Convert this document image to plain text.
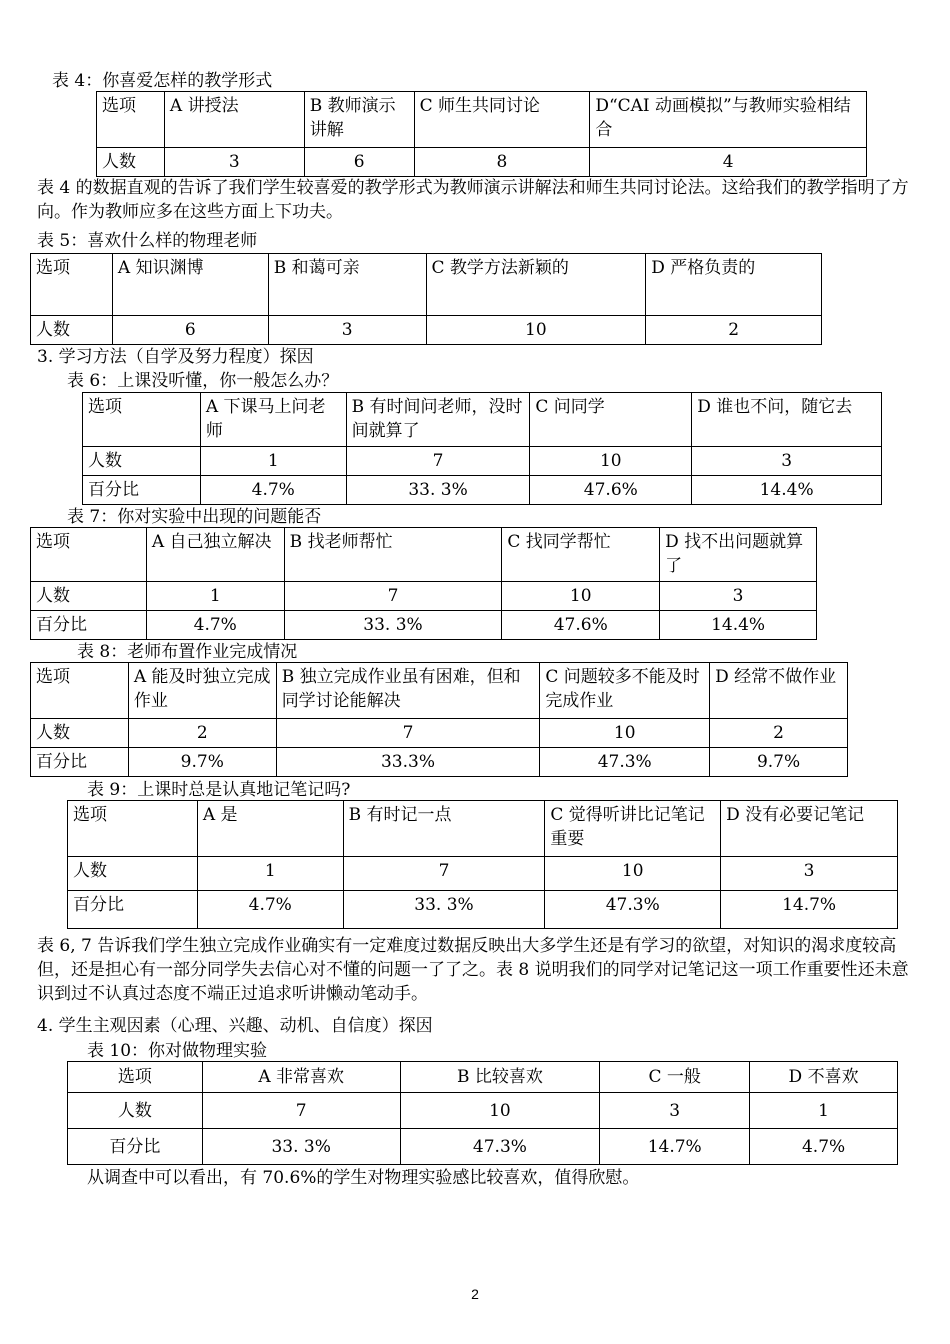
表 4：你喜爱怎样的教学形式
选项	A 讲授法	B 教师演示讲解	C 师生共同讨论	D“CAI 动画模拟”与教师实验相结合
人数	3	6	8	4
表 4 的数据直观的告诉了我们学生较喜爱的教学形式为教师演示讲解法和师生共同讨论法。这给我们的教学指明了方向。作为教师应多在这些方面上下功夫。
表 5：喜欢什么样的物理老师
选项	A 知识渊博	B 和蔼可亲	C 教学方法新颖的	D 严格负责的
人数	6	3	10	2
3. 学习方法（自学及努力程度）探因
表 6：上课没听懂，你一般怎么办？
选项	A 下课马上问老师	B 有时间问老师，没时间就算了	C 问同学	D 谁也不问，随它去
人数	1	7	10	3
百分比	4.7%	33. 3%	47.6%	14.4%
表 7：你对实验中出现的问题能否
选项	A 自己独立解决	B 找老师帮忙	C 找同学帮忙	D 找不出问题就算了
人数	1	7	10	3
百分比	4.7%	33. 3%	47.6%	14.4%
表 8：老师布置作业完成情况
选项	A 能及时独立完成作业	B 独立完成作业虽有困难，但和同学讨论能解决	C 问题较多不能及时完成作业	D 经常不做作业
人数	2	7	10	2
百分比	9.7%	33.3%	47.3%	9.7%
表 9：上课时总是认真地记笔记吗?
选项	A 是	B 有时记一点	C 觉得听讲比记笔记重要	D 没有必要记笔记
人数	1	7	10	3
百分比	4.7%	33. 3%	47.3%	14.7%
表 6, 7 告诉我们学生独立完成作业确实有一定难度过数据反映出大多学生还是有学习的欲望，对知识的渴求度较高但，还是担心有一部分同学失去信心对不懂的问题一了了之。表 8 说明我们的同学对记笔记这一项工作重要性还未意识到过不认真过态度不端正过追求听讲懒动笔动手。
4. 学生主观因素（心理、兴趣、动机、自信度）探因
表 10：你对做物理实验
选项	A 非常喜欢	B 比较喜欢	C 一般	D 不喜欢
人数	7	10	3	1
百分比	33. 3%	47.3%	14.7%	4.7%
从调查中可以看出，有 70.6%的学生对物理实验感比较喜欢，值得欣慰。
2
